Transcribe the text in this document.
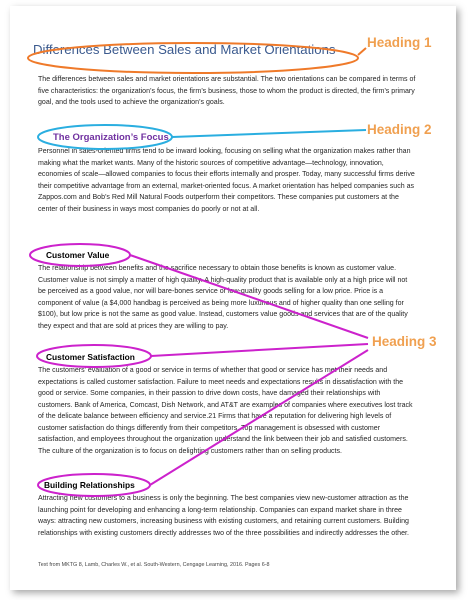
Differences Between Sales and Market Orientations
The differences between sales and market orientations are substantial. The two orientations can be compared in terms of five characteristics: the organization’s focus, the firm’s business, those to whom the product is directed, the firm’s primary goal, and the tools used to achieve the organization’s goals.
The Organization’s Focus
Personnel in sales-oriented firms tend to be inward looking, focusing on selling what the organization makes rather than making what the market wants. Many of the historic sources of competitive advantage—technology, innovation, economies of scale—allowed companies to focus their efforts internally and prosper. Today, many successful firms derive their competitive advantage from an external, market-oriented focus. A market orientation has helped companies such as Zappos.com and Bob’s Red Mill Natural Foods outperform their competitors. These companies put customers at the center of their business in ways most companies do poorly or not at all.
Customer Value
The relationship between benefits and the sacrifice necessary to obtain those benefits is known as customer value. Customer value is not simply a matter of high quality. A high-quality product that is available only at a high price will not be perceived as a good value, nor will bare-bones service or low-quality goods selling for a low price. Price is a component of value (a $4,000 handbag is perceived as being more luxurious and of higher quality than one selling for $100), but low price is not the same as good value. Instead, customers value goods and services that are of the quality they expect and that are sold at prices they are willing to pay.
Customer Satisfaction
The customers’ evaluation of a good or service in terms of whether that good or service has met their needs and expectations is called customer satisfaction. Failure to meet needs and expectations results in dissatisfaction with the good or service. Some companies, in their passion to drive down costs, have damaged their relationships with customers. Bank of America, Comcast, Dish Network, and AT&T are examples of companies where executives lost track of the delicate balance between efficiency and service.21 Firms that have a reputation for delivering high levels of customer satisfaction do things differently from their competitors. Top management is obsessed with customer satisfaction, and employees throughout the organization understand the link between their job and satisfied customers. The culture of the organization is to focus on delighting customers rather than on selling products.
Building Relationships
Attracting new customers to a business is only the beginning. The best companies view new-customer attraction as the launching point for developing and enhancing a long-term relationship. Companies can expand market share in three ways: attracting new customers, increasing business with existing customers, and retaining current customers. Building relationships with existing customers directly addresses two of the three possibilities and indirectly addresses the other.
Text from MKTG 8, Lamb, Charles W., et al. South-Western, Cengage Learning, 2016. Pages 6-8
Heading 1
Heading 2
Heading 3
